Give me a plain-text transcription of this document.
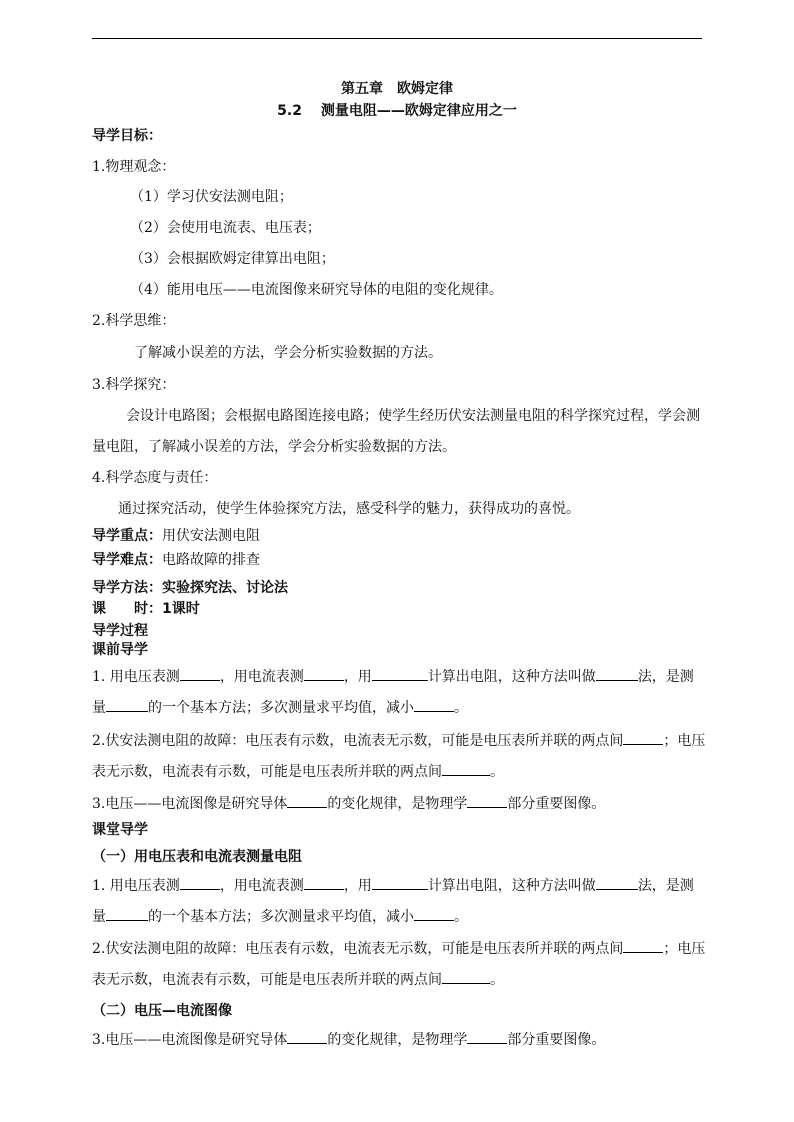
第五章　欧姆定律
5.2　 测量电阻——欧姆定律应用之一
导学目标：
1.物理观念：
（1）学习伏安法测电阻；
（2）会使用电流表、电压表；
（3）会根据欧姆定律算出电阻；
（4）能用电压——电流图像来研究导体的电阻的变化规律。
2.科学思维：
了解减小误差的方法，学会分析实验数据的方法。
3.科学探究：
会设计电路图；会根据电路图连接电路；使学生经历伏安法测量电阻的科学探究过程，学会测
量电阻，了解减小误差的方法，学会分析实验数据的方法。
4.科学态度与责任：
通过探究活动，使学生体验探究方法，感受科学的魅力，获得成功的喜悦。
导学重点：用伏安法测电阻
导学难点：电路故障的排查
导学方法：实验探究法、讨论法
课　　时：1课时
导学过程
课前导学
1. 用电压表测	，用电流表测	，用	计算出电阻，这种方法叫做	法，是测
量	的一个基本方法；多次测量求平均值，减小	。
2.伏安法测电阻的故障：电压表有示数，电流表无示数，可能是电压表所并联的两点间	；电压
表无示数，电流表有示数，可能是电压表所并联的两点间	。
3.电压——电流图像是研究导体	的变化规律，是物理学	部分重要图像。
课堂导学
（一）用电压表和电流表测量电阻
1. 用电压表测	，用电流表测	，用	计算出电阻，这种方法叫做	法，是测
量	的一个基本方法；多次测量求平均值，减小	。
2.伏安法测电阻的故障：电压表有示数，电流表无示数，可能是电压表所并联的两点间	；电压
表无示数，电流表有示数，可能是电压表所并联的两点间	。
（二）电压—电流图像
3.电压——电流图像是研究导体	的变化规律，是物理学	部分重要图像。
